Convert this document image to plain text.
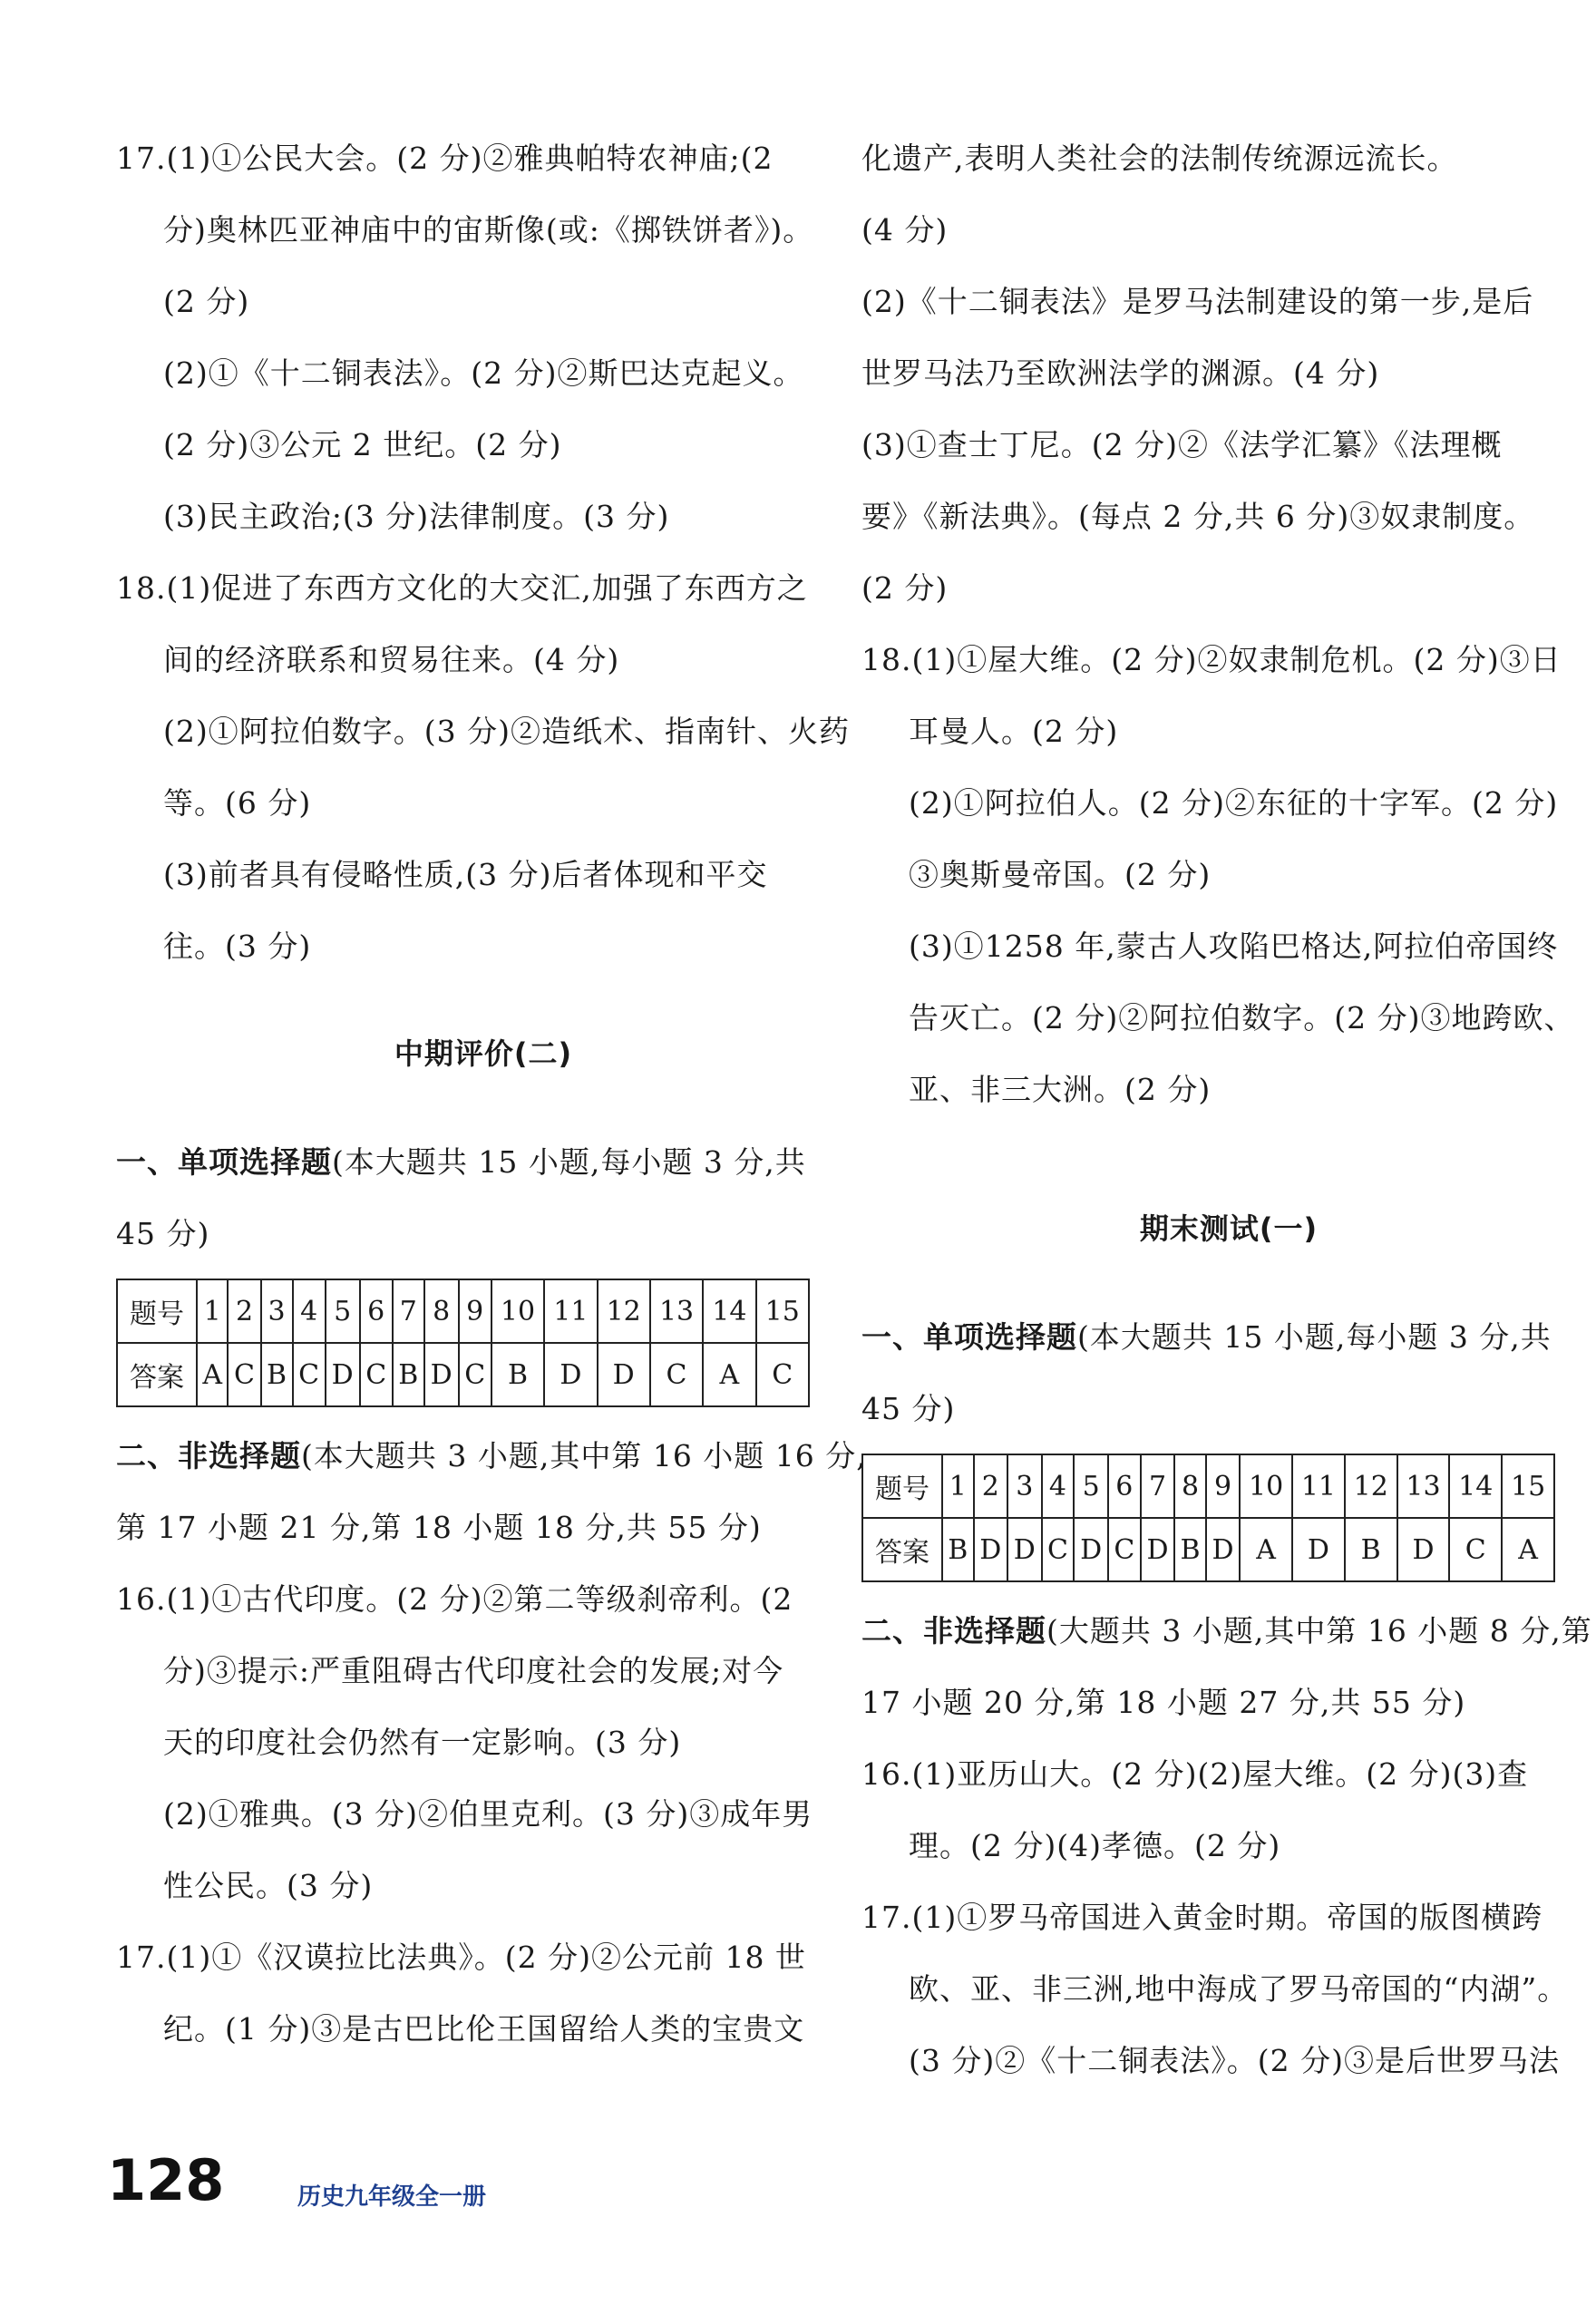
17.(1)①公民大会。(2 分)②雅典帕特农神庙;(2
分)奥林匹亚神庙中的宙斯像(或:《掷铁饼者》)。
(2 分)
(2)①《十二铜表法》。(2 分)②斯巴达克起义。
(2 分)③公元 2 世纪。(2 分)
(3)民主政治;(3 分)法律制度。(3 分)
18.(1)促进了东西方文化的大交汇,加强了东西方之
间的经济联系和贸易往来。(4 分)
(2)①阿拉伯数字。(3 分)②造纸术、指南针、火药
等。(6 分)
(3)前者具有侵略性质,(3 分)后者体现和平交
往。(3 分)
中期评价(二)
一、单项选择题(本大题共 15 小题,每小题 3 分,共
45 分)
题号	1	2	3	4	5	6	7	8	9	10	11	12	13	14	15
答案	A	C	B	C	D	C	B	D	C	B	D	D	C	A	C
二、非选择题(本大题共 3 小题,其中第 16 小题 16 分,
第 17 小题 21 分,第 18 小题 18 分,共 55 分)
16.(1)①古代印度。(2 分)②第二等级刹帝利。(2
分)③提示:严重阻碍古代印度社会的发展;对今
天的印度社会仍然有一定影响。(3 分)
(2)①雅典。(3 分)②伯里克利。(3 分)③成年男
性公民。(3 分)
17.(1)①《汉谟拉比法典》。(2 分)②公元前 18 世
纪。(1 分)③是古巴比伦王国留给人类的宝贵文
化遗产,表明人类社会的法制传统源远流长。
(4 分)
(2)《十二铜表法》是罗马法制建设的第一步,是后
世罗马法乃至欧洲法学的渊源。(4 分)
(3)①查士丁尼。(2 分)②《法学汇纂》《法理概
要》《新法典》。(每点 2 分,共 6 分)③奴隶制度。
(2 分)
18.(1)①屋大维。(2 分)②奴隶制危机。(2 分)③日
耳曼人。(2 分)
(2)①阿拉伯人。(2 分)②东征的十字军。(2 分)
③奥斯曼帝国。(2 分)
(3)①1258 年,蒙古人攻陷巴格达,阿拉伯帝国终
告灭亡。(2 分)②阿拉伯数字。(2 分)③地跨欧、
亚、非三大洲。(2 分)
期末测试(一)
一、单项选择题(本大题共 15 小题,每小题 3 分,共
45 分)
题号	1	2	3	4	5	6	7	8	9	10	11	12	13	14	15
答案	B	D	D	C	D	C	D	B	D	A	D	B	D	C	A
二、非选择题(大题共 3 小题,其中第 16 小题 8 分,第
17 小题 20 分,第 18 小题 27 分,共 55 分)
16.(1)亚历山大。(2 分)(2)屋大维。(2 分)(3)查
理。(2 分)(4)孝德。(2 分)
17.(1)①罗马帝国进入黄金时期。帝国的版图横跨
欧、亚、非三洲,地中海成了罗马帝国的“内湖”。
(3 分)②《十二铜表法》。(2 分)③是后世罗马法
128	历史九年级全一册
